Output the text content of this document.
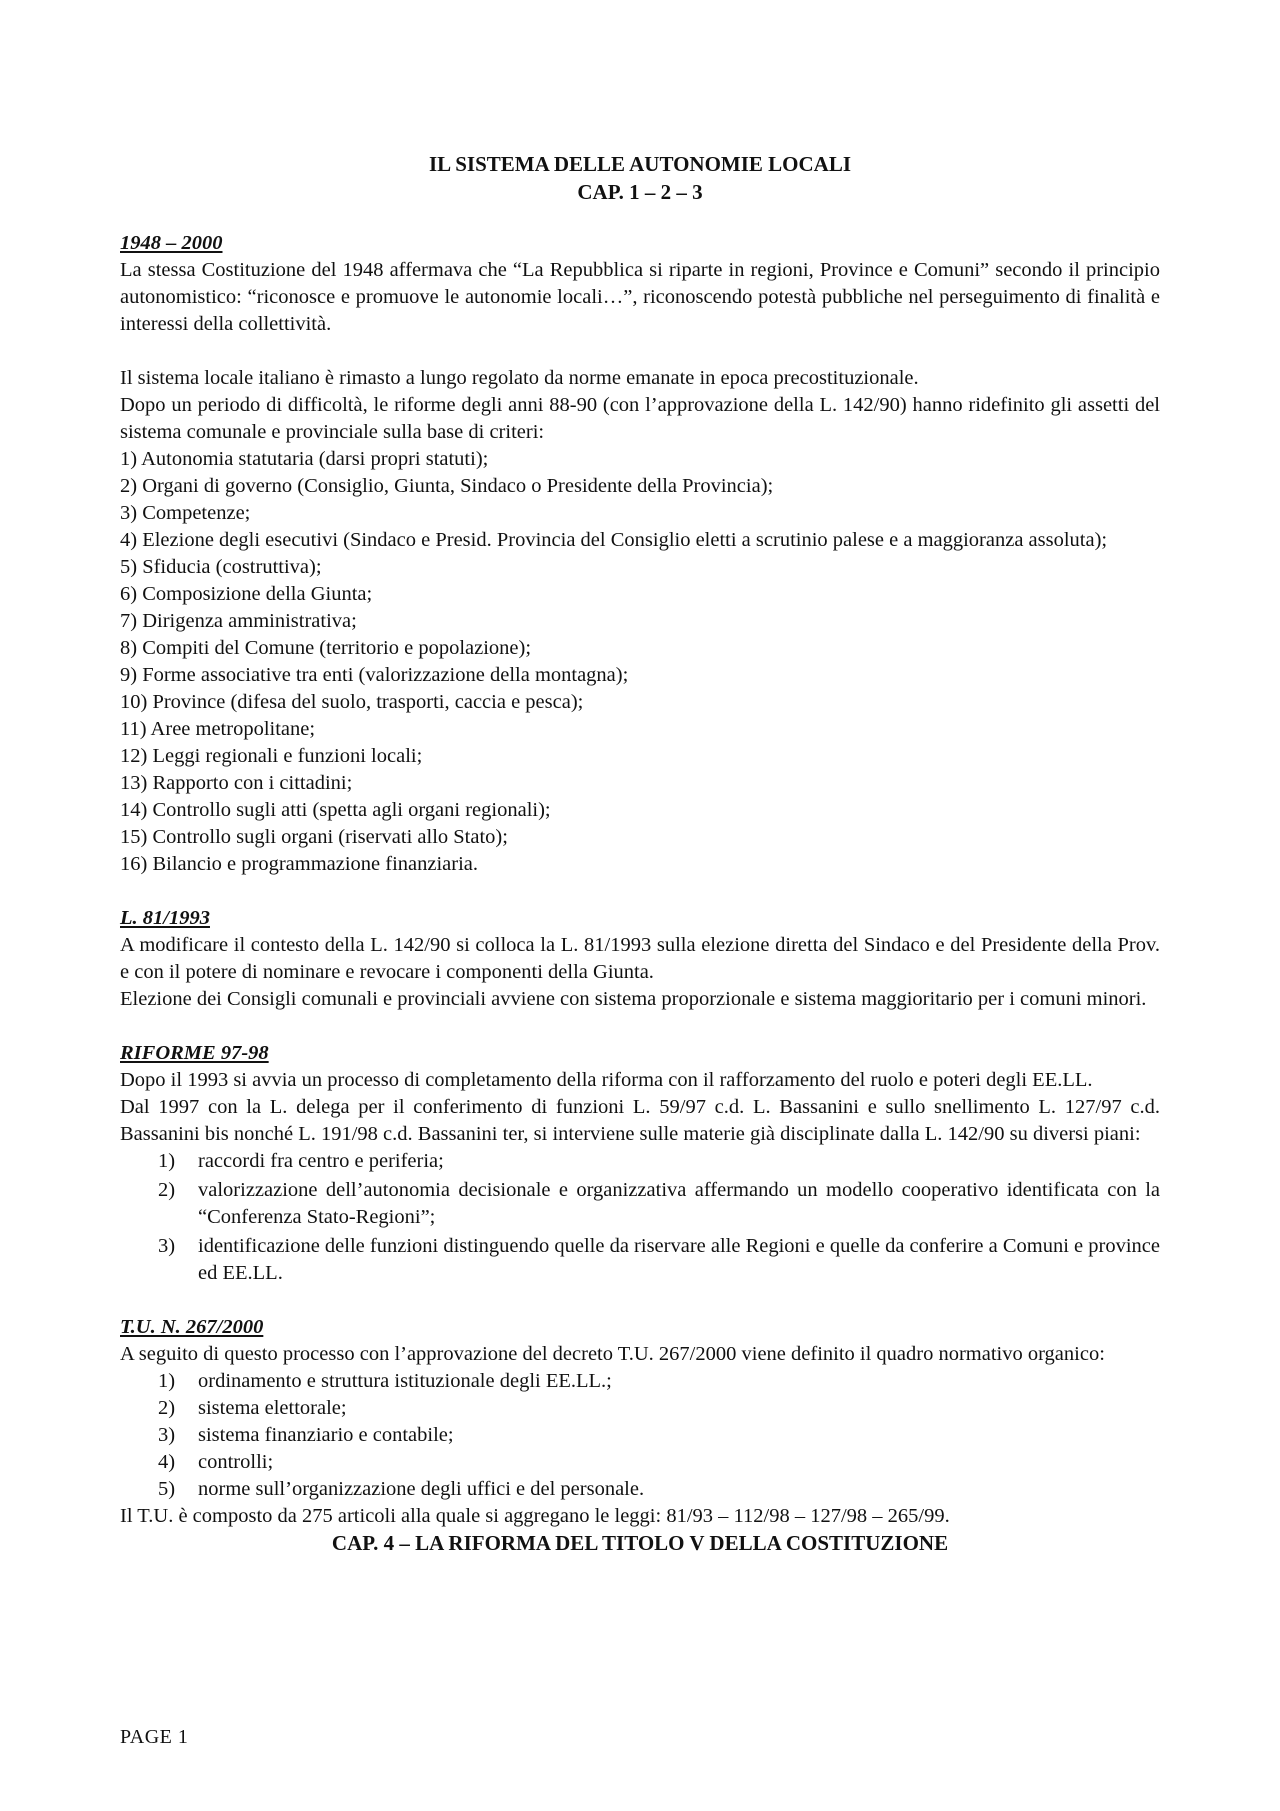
IL SISTEMA DELLE AUTONOMIE LOCALI
CAP. 1 – 2 – 3
1948 – 2000

La stessa Costituzione del 1948 affermava che “La Repubblica si riparte in regioni, Province e Comuni” secondo il principio autonomistico: “riconosce e promuove le autonomie locali…”, riconoscendo potestà pubbliche nel perseguimento di finalità e interessi della collettività.

Il sistema locale italiano è rimasto a lungo regolato da norme emanate in epoca precostituzionale.

Dopo un periodo di difficoltà, le riforme degli anni 88-90 (con l’approvazione della L. 142/90) hanno ridefinito gli assetti del sistema comunale e provinciale sulla base di criteri:

1) Autonomia statutaria (darsi propri statuti);
2) Organi di governo (Consiglio, Giunta, Sindaco o Presidente della Provincia);
3) Competenze;
4) Elezione degli esecutivi (Sindaco e Presid. Provincia del Consiglio eletti a scrutinio palese e a maggioranza assoluta);
5) Sfiducia (costruttiva);
6) Composizione della Giunta;
7) Dirigenza amministrativa;
8) Compiti del Comune (territorio e popolazione);
9) Forme associative tra enti (valorizzazione della montagna);
10) Province (difesa del suolo, trasporti, caccia e pesca);
11) Aree metropolitane;
12) Leggi regionali e funzioni locali;
13) Rapporto con i cittadini;
14) Controllo sugli atti (spetta agli organi regionali);
15) Controllo sugli organi (riservati allo Stato);
16) Bilancio e programmazione finanziaria.
L. 81/1993

A modificare il contesto della L. 142/90 si colloca la L. 81/1993 sulla elezione diretta del Sindaco e del Presidente della Prov. e con il potere di nominare e revocare i componenti della Giunta.

Elezione dei Consigli comunali e provinciali avviene con sistema proporzionale e sistema maggioritario per i comuni minori.

RIFORME 97-98

Dopo il 1993 si avvia un processo di completamento della riforma con il rafforzamento del ruolo e poteri degli EE.LL.

Dal 1997 con la L. delega per il conferimento di funzioni L. 59/97 c.d. L. Bassanini e sullo snellimento L. 127/97 c.d. Bassanini bis nonché L. 191/98 c.d. Bassanini ter, si interviene sulle materie già disciplinate dalla L. 142/90 su diversi piani:

1) raccordi fra centro e periferia;
2) valorizzazione dell’autonomia decisionale e organizzativa affermando un modello cooperativo identificata con la “Conferenza Stato-Regioni”;
3) identificazione delle funzioni distinguendo quelle da riservare alle Regioni e quelle da conferire a Comuni e province ed EE.LL.
T.U. N. 267/2000

A seguito di questo processo con l’approvazione del decreto T.U. 267/2000 viene definito il quadro normativo organico:

1) ordinamento e struttura istituzionale degli EE.LL.;
2) sistema elettorale;
3) sistema finanziario e contabile;
4) controlli;
5) norme sull’organizzazione degli uffici e del personale.

Il T.U. è composto da 275 articoli alla quale si aggregano le leggi: 81/93 – 112/98 – 127/98 – 265/99.

CAP. 4 – LA RIFORMA DEL TITOLO V DELLA COSTITUZIONE
PAGE 1
